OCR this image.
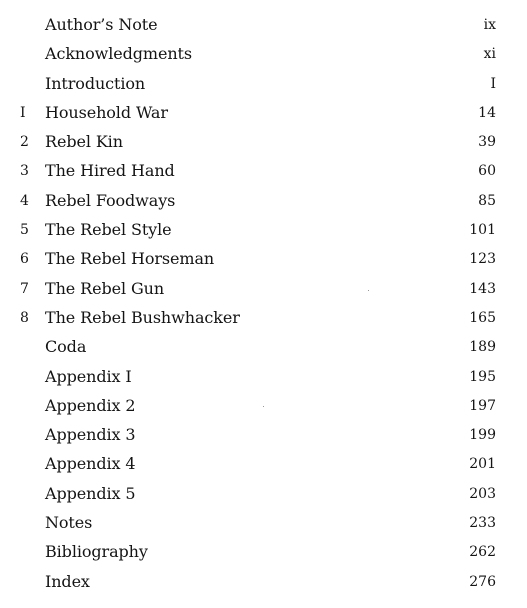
Author’s Note	ix
Acknowledgments	xi
Introduction	I
I	Household War	14
2	Rebel Kin	39
3	The Hired Hand	60
4	Rebel Foodways	85
5	The Rebel Style	101
6	The Rebel Horseman	123
7	The Rebel Gun	143
8	The Rebel Bushwhacker	165
Coda	189
Appendix I	195
Appendix 2	197
Appendix 3	199
Appendix 4	201
Appendix 5	203
Notes	233
Bibliography	262
Index	276
